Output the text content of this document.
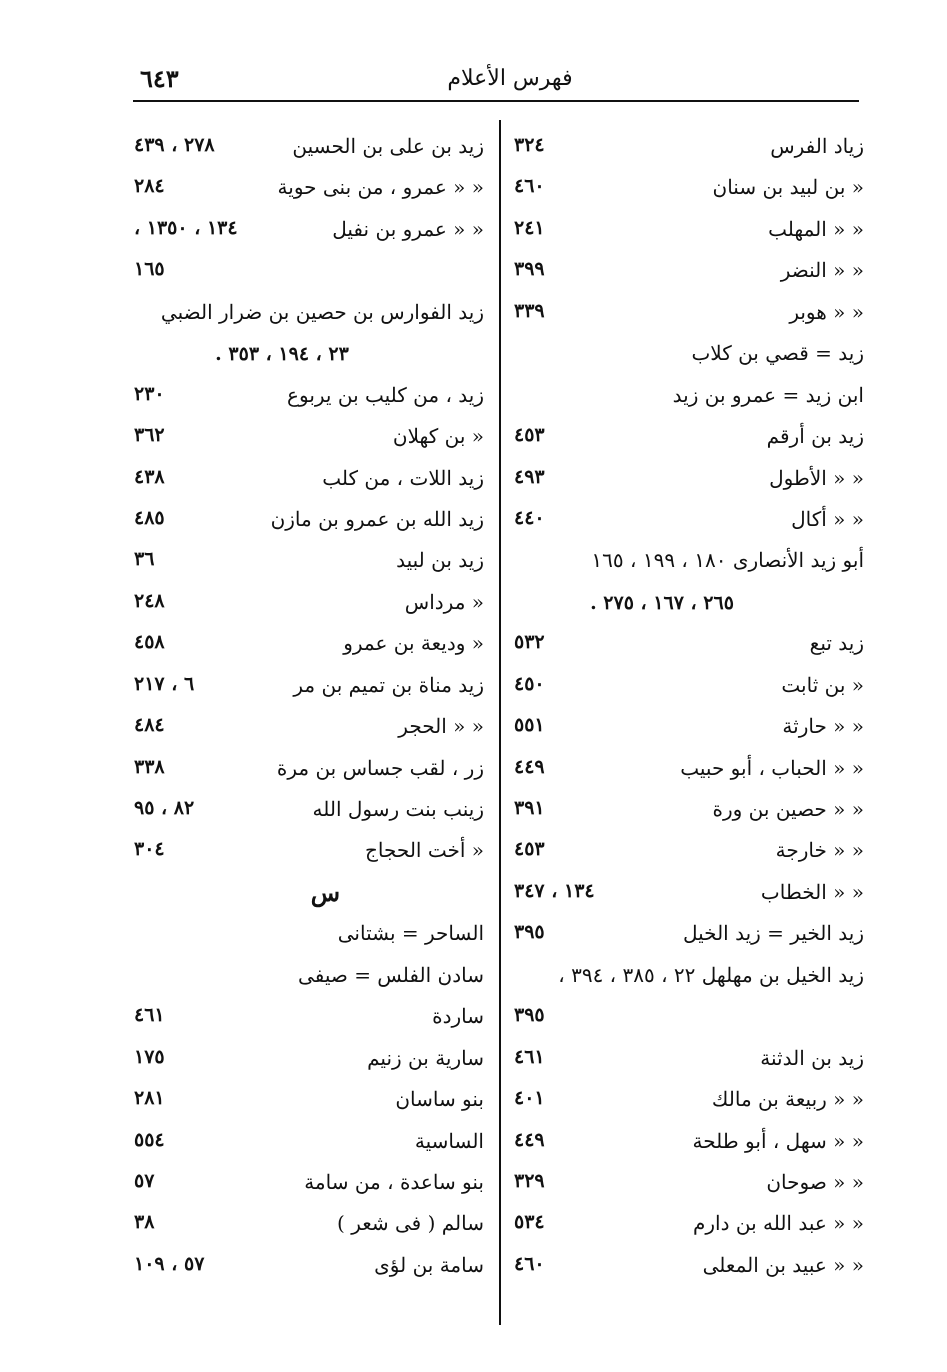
فهرس الأعلام
٦٤٣
زياد الفرس
٣٢٤
« بن لبيد بن سنان
٤٦٠
« « المهلب
٢٤١
« « النضر
٣٩٩
« « هوبر
٣٣٩
زيد = قصي بن كلاب
ابن زيد = عمرو بن زيد
زيد بن أرقم
٤٥٣
« « الأطول
٤٩٣
« « أكال
٤٤٠
أبو زيد الأنصارى ١٨٠ ، ١٩٩ ، ١٦٥
٢٦٥ ، ١٦٧ ، ٢٧٥ .
زيد تبع
٥٣٢
« بن ثابت
٤٥٠
« « حارثة
٥٥١
« « الحباب ، أبو حبيب
٤٤٩
« « حصين بن ورة
٣٩١
« « خارجة
٤٥٣
« « الخطاب
١٣٤ ، ٣٤٧
زيد الخير = زيد الخيل
٣٩٥
زيد الخيل بن مهلهل ٢٢ ، ٣٨٥ ، ٣٩٤ ،
٣٩٥
زيد بن الدثنة
٤٦١
« « ربيعة بن مالك
٤٠١
« « سهل ، أبو طلحة
٤٤٩
« « صوحان
٣٢٩
« « عبد الله بن دارم
٥٣٤
« « عبيد بن المعلى
٤٦٠
زيد بن على بن الحسين
٢٧٨ ، ٤٣٩
« « عمرو ، من بنى حوية
٢٨٤
« « عمرو بن نفيل
١٣٤ ، ١٣٥٠ ،
١٦٥
زيد الفوارس بن حصين بن ضرار الضبي
٢٣ ، ١٩٤ ، ٣٥٣ .
زيد ، من كليب بن يربوع
٢٣٠
« بن كهلان
٣٦٢
زيد اللات ، من كلب
٤٣٨
زيد الله بن عمرو بن مازن
٤٨٥
زيد بن لبيد
٣٦
« مرداس
٢٤٨
« وديعة بن عمرو
٤٥٨
زيد مناة بن تميم بن مر
٦ ، ٢١٧
« « الحجر
٤٨٤
زر ، لقب جساس بن مرة
٣٣٨
زينب بنت رسول الله
٨٢ ، ٩٥
« أخت الحجاج
٣٠٤
س
الساحر = بشتانى
سادن الفلس = صيفى
ساردة
٤٦١
سارية بن زنيم
١٧٥
بنو ساسان
٢٨١
الساسية
٥٥٤
بنو ساعدة ، من سامة
٥٧
سالم ( فى شعر )
٣٨
سامة بن لؤى
٥٧ ، ١٠٩
